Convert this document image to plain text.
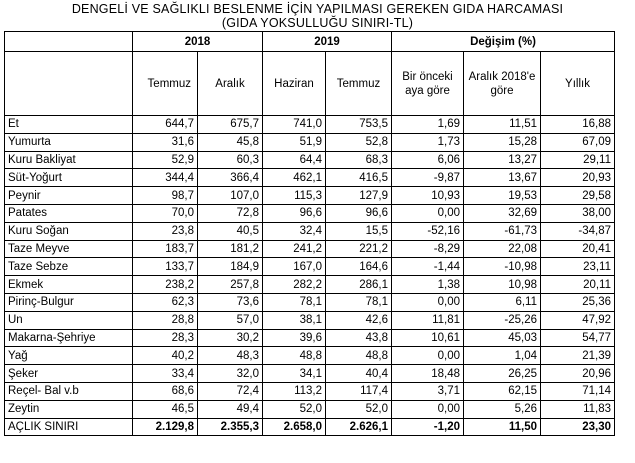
DENGELİ VE SAĞLIKLI BESLENME İÇİN YAPILMASI GEREKEN GIDA HARCAMASI
(GIDA YOKSULLUĞU SINIRI-TL)
	2018		2019		Değişim (%)		
	Temmuz	Aralık	Haziran	Temmuz	Bir önceki aya göre	Aralık 2018'e göre	Yıllık
Et	644,7	675,7	741,0	753,5	1,69	11,51	16,88
Yumurta	31,6	45,8	51,9	52,8	1,73	15,28	67,09
Kuru Bakliyat	52,9	60,3	64,4	68,3	6,06	13,27	29,11
Süt-Yoğurt	344,4	366,4	462,1	416,5	-9,87	13,67	20,93
Peynir	98,7	107,0	115,3	127,9	10,93	19,53	29,58
Patates	70,0	72,8	96,6	96,6	0,00	32,69	38,00
Kuru Soğan	23,8	40,5	32,4	15,5	-52,16	-61,73	-34,87
Taze Meyve	183,7	181,2	241,2	221,2	-8,29	22,08	20,41
Taze Sebze	133,7	184,9	167,0	164,6	-1,44	-10,98	23,11
Ekmek	238,2	257,8	282,2	286,1	1,38	10,98	20,11
Pirinç-Bulgur	62,3	73,6	78,1	78,1	0,00	6,11	25,36
Un	28,8	57,0	38,1	42,6	11,81	-25,26	47,92
Makarna-Şehriye	28,3	30,2	39,6	43,8	10,61	45,03	54,77
Yağ	40,2	48,3	48,8	48,8	0,00	1,04	21,39
Şeker	33,4	32,0	34,1	40,4	18,48	26,25	20,96
Reçel- Bal v.b	68,6	72,4	113,2	117,4	3,71	62,15	71,14
Zeytin	46,5	49,4	52,0	52,0	0,00	5,26	11,83
AÇLIK SINIRI	2.129,8	2.355,3	2.658,0	2.626,1	-1,20	11,50	23,30
